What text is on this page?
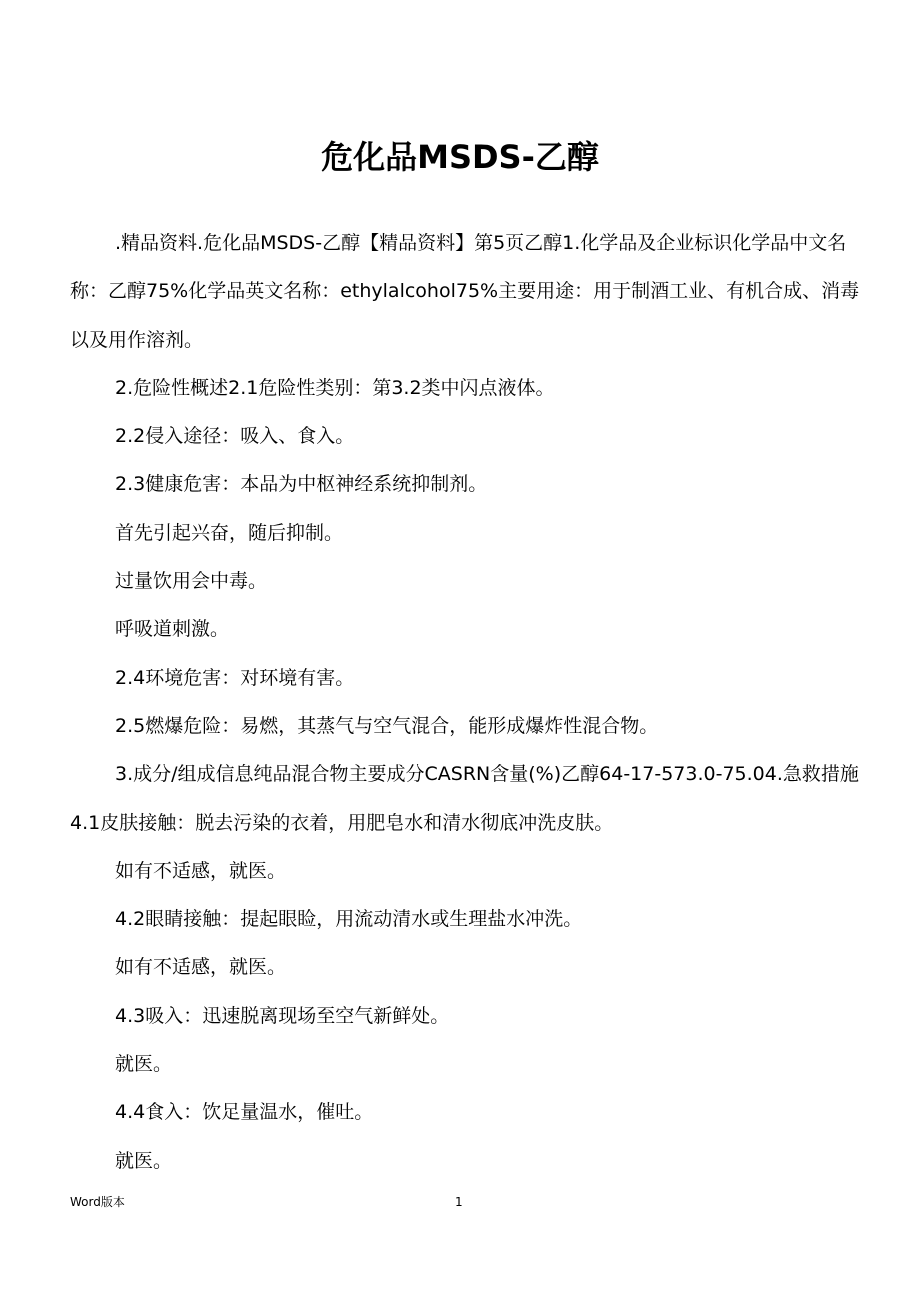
危化品MSDS-乙醇

.精品资料.危化品MSDS-乙醇【精品资料】第5页乙醇1.化学品及企业标识化学品中文名称：乙醇75%化学品英文名称：ethylalcohol75%主要用途：用于制酒工业、有机合成、消毒以及用作溶剂。

2.危险性概述2.1危险性类别：第3.2类中闪点液体。

2.2侵入途径：吸入、食入。

2.3健康危害：本品为中枢神经系统抑制剂。

首先引起兴奋，随后抑制。

过量饮用会中毒。

呼吸道刺激。

2.4环境危害：对环境有害。

2.5燃爆危险：易燃，其蒸气与空气混合，能形成爆炸性混合物。

3.成分/组成信息纯品混合物主要成分CASRN含量(%)乙醇64-17-573.0-75.04.急救措施4.1皮肤接触：脱去污染的衣着，用肥皂水和清水彻底冲洗皮肤。

如有不适感，就医。

4.2眼睛接触：提起眼睑，用流动清水或生理盐水冲洗。

如有不适感，就医。

4.3吸入：迅速脱离现场至空气新鲜处。

就医。

4.4食入：饮足量温水，催吐。

就医。

Word版本	1
